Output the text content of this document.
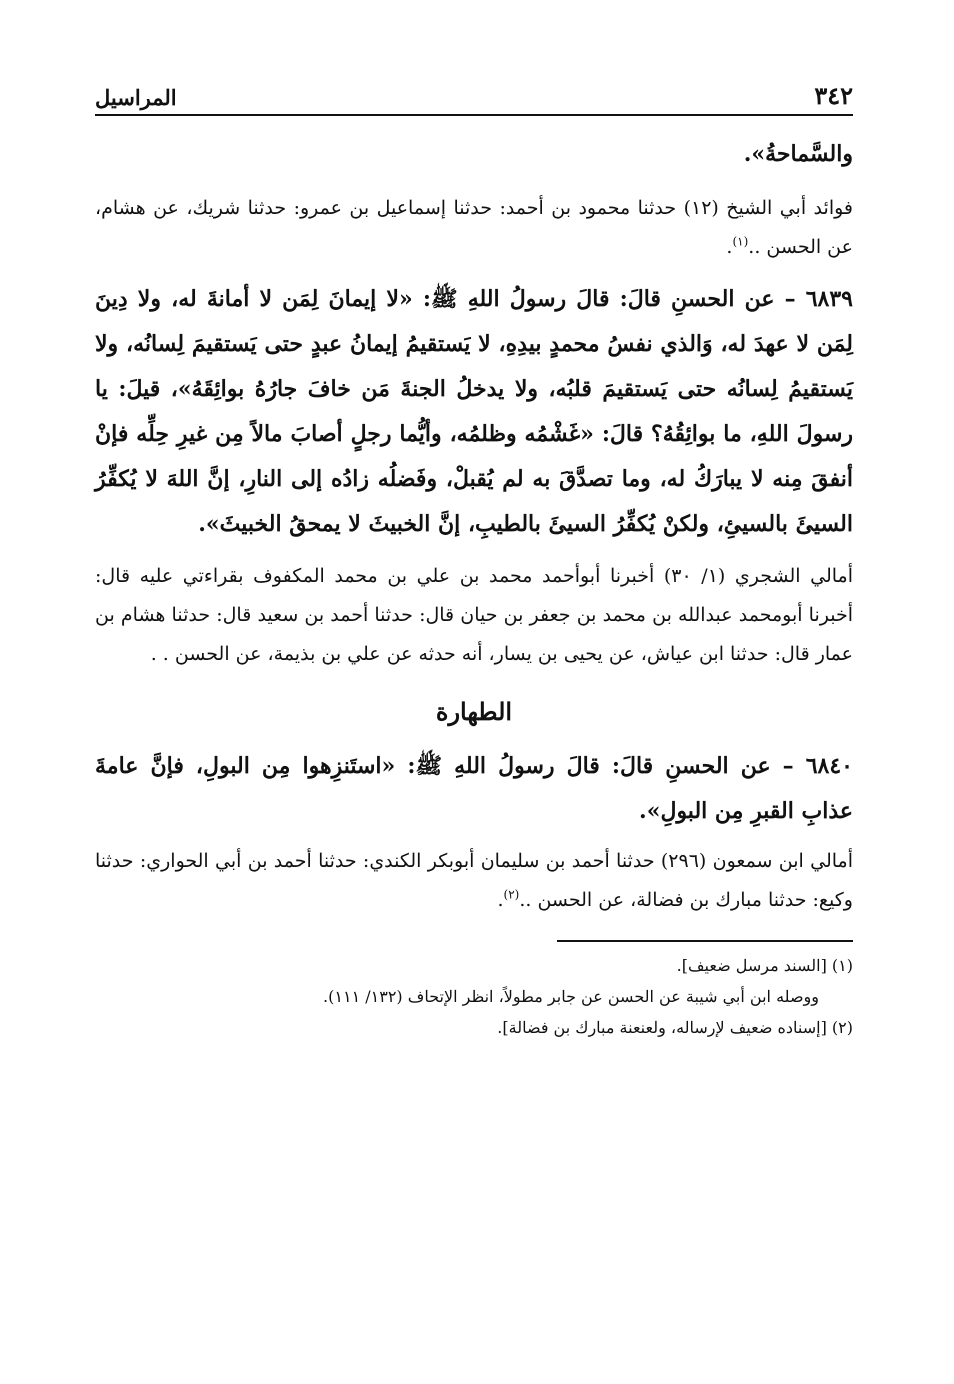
٣٤٢
المراسيل

والسَّماحةُ».

فوائد أبي الشيخ (١٢) حدثنا محمود بن أحمد: حدثنا إسماعيل بن عمرو: حدثنا شريك، عن هشام، عن الحسن ..$^{(١)}$.

٦٨٣٩ – عن الحسنِ قالَ: قالَ رسولُ اللهِ ﷺ: «لا إيمانَ لِمَن لا أمانةَ له، ولا دِينَ لِمَن لا عهدَ له، وَالذي نفسُ محمدٍ بيدِهِ، لا يَستقيمُ إيمانُ عبدٍ حتى يَستقيمَ لِسانُه، ولا يَستقيمُ لِسانُه حتى يَستقيمَ قلبُه، ولا يدخلُ الجنةَ مَن خافَ جارُهُ بوائِقَهُ»، قيلَ: يا رسولَ اللهِ، ما بوائِقُهُ؟ قالَ: «غَشْمُه وظلمُه، وأيُّما رجلٍ أصابَ مالاً مِن غيرِ حِلِّه فإنْ أنفقَ مِنه لا يبارَكُ له، وما تصدَّقَ به لم يُقبلْ، وفَضلُه زادُه إلى النارِ، إنَّ اللهَ لا يُكفِّرُ السيئَ بالسيئِ، ولكنْ يُكفِّرُ السيئَ بالطيبِ، إنَّ الخبيثَ لا يمحقُ الخبيثَ».

أمالي الشجري (١/ ٣٠) أخبرنا أبوأحمد محمد بن علي بن محمد المكفوف بقراءتي عليه قال: أخبرنا أبومحمد عبدالله بن محمد بن جعفر بن حيان قال: حدثنا أحمد بن سعيد قال: حدثنا هشام بن عمار قال: حدثنا ابن عياش، عن يحيى بن يسار، أنه حدثه عن علي بن بذيمة، عن الحسن . .

الطهارة

٦٨٤٠ – عن الحسنِ قالَ: قالَ رسولُ اللهِ ﷺ: «استَنزِهوا مِن البولِ، فإنَّ عامةَ عذابِ القبرِ مِن البولِ».

أمالي ابن سمعون (٢٩٦) حدثنا أحمد بن سليمان أبوبكر الكندي: حدثنا أحمد بن أبي الحواري: حدثنا وكيع: حدثنا مبارك بن فضالة، عن الحسن ..$^{(٢)}$.

(١) [السند مرسل ضعيف].

ووصله ابن أبي شيبة عن الحسن عن جابر مطولاً، انظر الإتحاف (١٣٢/ ١١١).

(٢) [إسناده ضعيف لإرساله، ولعنعنة مبارك بن فضالة].
